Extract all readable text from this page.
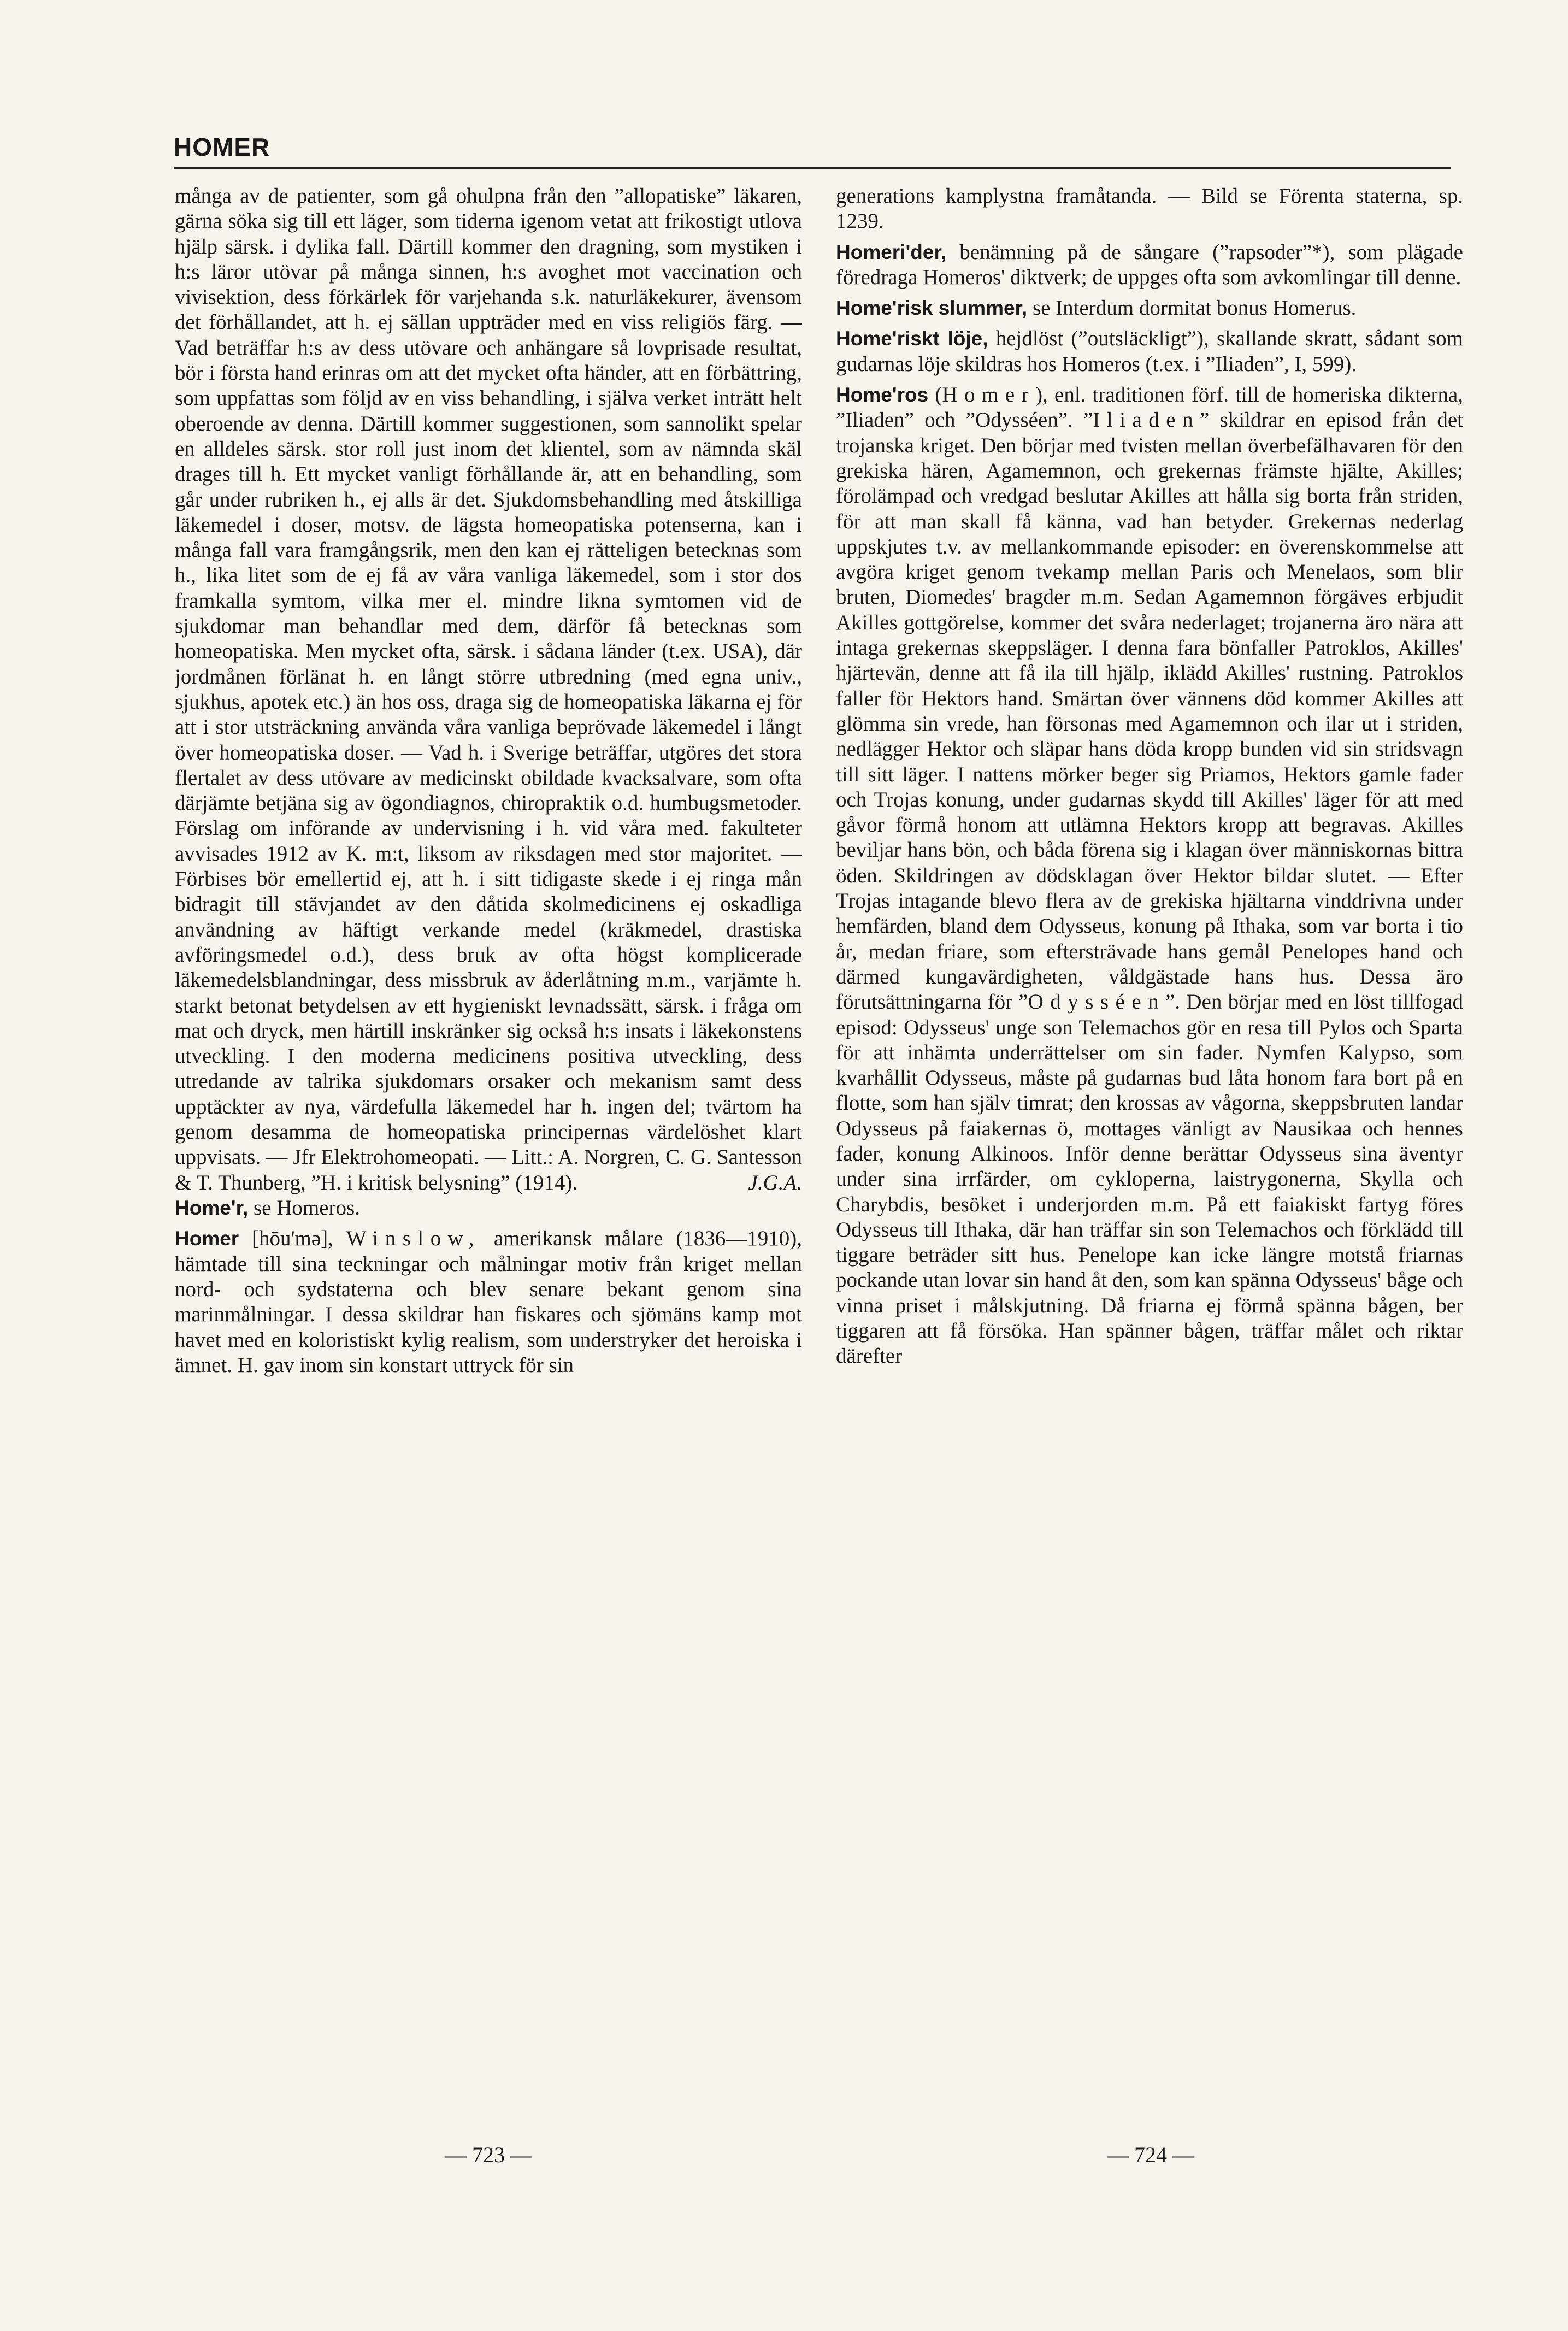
HOMER

många av de patienter, som gå ohulpna från den ”allopatiske” läkaren, gärna söka sig till ett läger, som tiderna igenom vetat att frikostigt utlova hjälp särsk. i dylika fall. Därtill kommer den dragning, som mystiken i h:s läror utövar på många sinnen, h:s avoghet mot vaccination och vivisektion, dess förkärlek för varjehanda s.k. naturläkekurer, ävensom det förhållandet, att h. ej sällan uppträder med en viss religiös färg. — Vad beträffar h:s av dess utövare och anhängare så lovprisade resultat, bör i första hand erinras om att det mycket ofta händer, att en förbättring, som uppfattas som följd av en viss behandling, i själva verket inträtt helt oberoende av denna. Därtill kommer suggestionen, som sannolikt spelar en alldeles särsk. stor roll just inom det klientel, som av nämnda skäl drages till h. Ett mycket vanligt förhållande är, att en behandling, som går under rubriken h., ej alls är det. Sjukdomsbehandling med åtskilliga läkemedel i doser, motsv. de lägsta homeopatiska potenserna, kan i många fall vara framgångsrik, men den kan ej rätteligen betecknas som h., lika litet som de ej få av våra vanliga läkemedel, som i stor dos framkalla symtom, vilka mer el. mindre likna symtomen vid de sjukdomar man behandlar med dem, därför få betecknas som homeopatiska. Men mycket ofta, särsk. i sådana länder (t.ex. USA), där jordmånen förlänat h. en långt större utbredning (med egna univ., sjukhus, apotek etc.) än hos oss, draga sig de homeopatiska läkarna ej för att i stor utsträckning använda våra vanliga beprövade läkemedel i långt över homeopatiska doser. — Vad h. i Sverige beträffar, utgöres det stora flertalet av dess utövare av medicinskt obildade kvacksalvare, som ofta därjämte betjäna sig av ögondiagnos, chiropraktik o.d. humbugsmetoder. Förslag om införande av undervisning i h. vid våra med. fakulteter avvisades 1912 av K. m:t, liksom av riksdagen med stor majoritet. — Förbises bör emellertid ej, att h. i sitt tidigaste skede i ej ringa mån bidragit till stävjandet av den dåtida skolmedicinens ej oskadliga användning av häftigt verkande medel (kräkmedel, drastiska avföringsmedel o.d.), dess bruk av ofta högst komplicerade läkemedelsblandningar, dess missbruk av åderlåtning m.m., varjämte h. starkt betonat betydelsen av ett hygieniskt levnadssätt, särsk. i fråga om mat och dryck, men härtill inskränker sig också h:s insats i läkekonstens utveckling. I den moderna medicinens positiva utveckling, dess utredande av talrika sjukdomars orsaker och mekanism samt dess upptäckter av nya, värdefulla läkemedel har h. ingen del; tvärtom ha genom desamma de homeopatiska principernas värdelöshet klart uppvisats. — Jfr Elektrohomeopati. — Litt.: A. Norgren, C. G. Santesson & T. Thunberg, ”H. i kritisk belysning” (1914).	J.G.A.

Home'r, se Homeros.

Homer [hōu'mə], Winslow, amerikansk målare (1836—1910), hämtade till sina teckningar och målningar motiv från kriget mellan nord- och sydstaterna och blev senare bekant genom sina marinmålningar. I dessa skildrar han fiskares och sjömäns kamp mot havet med en koloristiskt kylig realism, som understryker det heroiska i ämnet. H. gav inom sin konstart uttryck för sin

generations kamplystna framåtanda. — Bild se Förenta staterna, sp. 1239.

Homeri'der, benämning på de sångare (”rapsoder”*), som plägade föredraga Homeros' diktverk; de uppges ofta som avkomlingar till denne.

Home'risk slummer, se Interdum dormitat bonus Homerus.

Home'riskt löje, hejdlöst (”outsläckligt”), skallande skratt, sådant som gudarnas löje skildras hos Homeros (t.ex. i ”Iliaden”, I, 599).

Home'ros (Homer), enl. traditionen förf. till de homeriska dikterna, ”Iliaden” och ”Odysséen”. ”Iliaden” skildrar en episod från det trojanska kriget. Den börjar med tvisten mellan överbefälhavaren för den grekiska hären, Agamemnon, och grekernas främste hjälte, Akilles; förolämpad och vredgad beslutar Akilles att hålla sig borta från striden, för att man skall få känna, vad han betyder. Grekernas nederlag uppskjutes t.v. av mellankommande episoder: en överenskommelse att avgöra kriget genom tvekamp mellan Paris och Menelaos, som blir bruten, Diomedes' bragder m.m. Sedan Agamemnon förgäves erbjudit Akilles gottgörelse, kommer det svåra nederlaget; trojanerna äro nära att intaga grekernas skeppsläger. I denna fara bönfaller Patroklos, Akilles' hjärtevän, denne att få ila till hjälp, iklädd Akilles' rustning. Patroklos faller för Hektors hand. Smärtan över vännens död kommer Akilles att glömma sin vrede, han försonas med Agamemnon och ilar ut i striden, nedlägger Hektor och släpar hans döda kropp bunden vid sin stridsvagn till sitt läger. I nattens mörker beger sig Priamos, Hektors gamle fader och Trojas konung, under gudarnas skydd till Akilles' läger för att med gåvor förmå honom att utlämna Hektors kropp att begravas. Akilles beviljar hans bön, och båda förena sig i klagan över människornas bittra öden. Skildringen av dödsklagan över Hektor bildar slutet. — Efter Trojas intagande blevo flera av de grekiska hjältarna vinddrivna under hemfärden, bland dem Odysseus, konung på Ithaka, som var borta i tio år, medan friare, som eftersträvade hans gemål Penelopes hand och därmed kungavärdigheten, våldgästade hans hus. Dessa äro förutsättningarna för ”Odysséen”. Den börjar med en löst tillfogad episod: Odysseus' unge son Telemachos gör en resa till Pylos och Sparta för att inhämta underrättelser om sin fader. Nymfen Kalypso, som kvarhållit Odysseus, måste på gudarnas bud låta honom fara bort på en flotte, som han själv timrat; den krossas av vågorna, skeppsbruten landar Odysseus på faiakernas ö, mottages vänligt av Nausikaa och hennes fader, konung Alkinoos. Inför denne berättar Odysseus sina äventyr under sina irrfärder, om cykloperna, laistrygonerna, Skylla och Charybdis, besöket i underjorden m.m. På ett faiakiskt fartyg föres Odysseus till Ithaka, där han träffar sin son Telemachos och förklädd till tiggare beträder sitt hus. Penelope kan icke längre motstå friarnas pockande utan lovar sin hand åt den, som kan spänna Odysseus' båge och vinna priset i målskjutning. Då friarna ej förmå spänna bågen, ber tiggaren att få försöka. Han spänner bågen, träffar målet och riktar därefter

— 723 —	— 724 —
